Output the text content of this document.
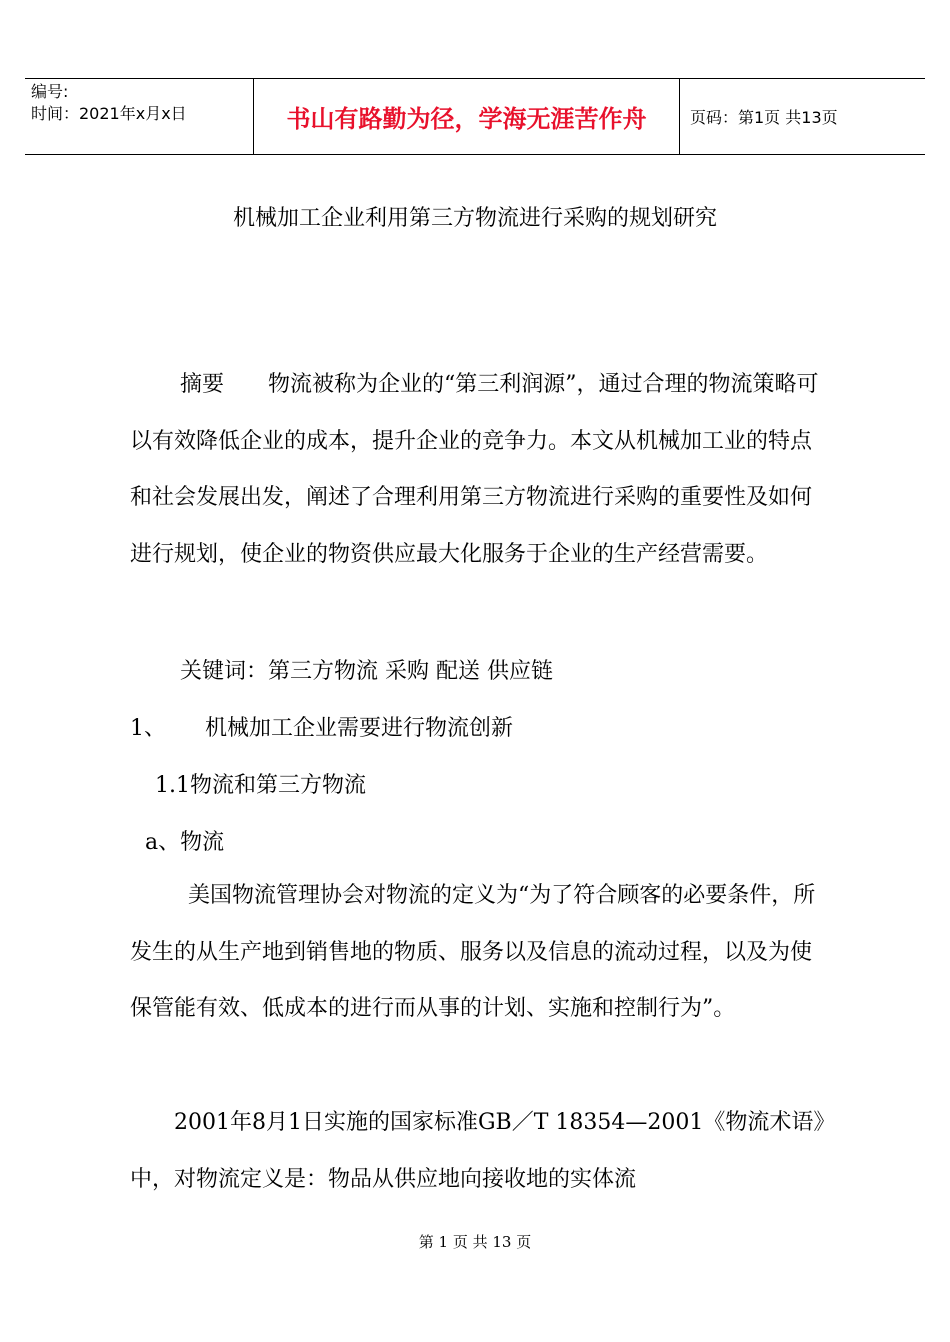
编号:
时间：2021年x月x日	书山有路勤为径，学海无涯苦作舟	页码：第1页 共13页
机械加工企业利用第三方物流进行采购的规划研究
摘要　　物流被称为企业的“第三利润源”，通过合理的物流策略可以有效降低企业的成本，提升企业的竞争力。本文从机械加工业的特点和社会发展出发，阐述了合理利用第三方物流进行采购的重要性及如何进行规划，使企业的物资供应最大化服务于企业的生产经营需要。
关键词：第三方物流 采购 配送 供应链
1、 机械加工企业需要进行物流创新
1.1物流和第三方物流
a、物流
美国物流管理协会对物流的定义为“为了符合顾客的必要条件，所发生的从生产地到销售地的物质、服务以及信息的流动过程，以及为使保管能有效、低成本的进行而从事的计划、实施和控制行为”。
2001年8月1日实施的国家标准GB／T 18354—2001《物流术语》中，对物流定义是：物品从供应地向接收地的实体流
第 1 页 共 13 页
